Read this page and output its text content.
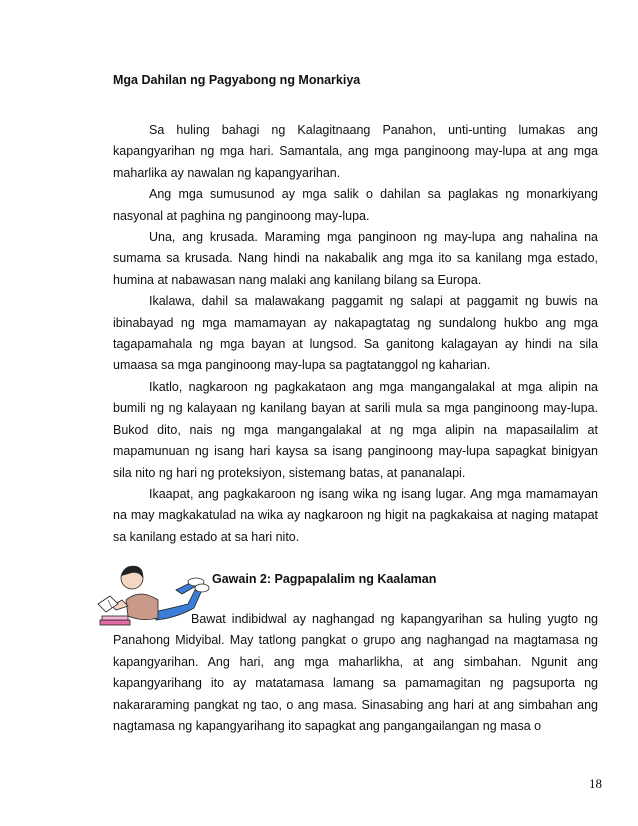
Mga Dahilan ng Pagyabong ng Monarkiya

Sa huling bahagi ng Kalagitnaang Panahon, unti-unting lumakas ang kapangyarihan ng mga hari. Samantala, ang mga panginoong may-lupa at ang mga maharlika ay nawalan ng kapangyarihan.

Ang mga sumusunod ay mga salik o dahilan sa paglakas ng monarkiyang nasyonal at paghina ng panginoong may-lupa.

Una, ang krusada. Maraming mga panginoon ng may-lupa ang nahalina na sumama sa krusada. Nang hindi na nakabalik ang mga ito sa kanilang mga estado, humina at nabawasan nang malaki ang kanilang bilang sa Europa.

Ikalawa, dahil sa malawakang paggamit ng salapi at paggamit ng buwis na ibinabayad ng mga mamamayan ay nakapagtatag ng sundalong hukbo ang mga tagapamahala ng mga bayan at lungsod. Sa ganitong kalagayan ay hindi na sila umaasa sa mga panginoong may-lupa sa pagtatanggol ng kaharian.

Ikatlo, nagkaroon ng pagkakataon ang mga mangangalakal at mga alipin na bumili ng ng kalayaan ng kanilang bayan at sarili mula sa mga panginoong may-lupa. Bukod dito, nais ng mga mangangalakal at ng mga alipin na mapasailalim at mapamunuan ng isang hari kaysa sa isang panginoong may-lupa sapagkat binigyan sila nito ng hari ng proteksiyon, sistemang batas, at pananalapi.

Ikaapat, ang pagkakaroon ng isang wika ng isang lugar. Ang mga mamamayan na may magkakatulad na wika ay nagkaroon ng higit na pagkakaisa at naging matapat sa kanilang estado at sa hari nito.

Gawain 2: Pagpapalalim ng Kaalaman

Bawat indibidwal ay naghangad ng kapangyarihan sa huling yugto ng Panahong Midyibal. May tatlong pangkat o grupo ang naghangad na magtamasa ng kapangyarihan. Ang hari, ang mga maharlikha, at ang simbahan. Ngunit ang kapangyarihang ito ay matatamasa lamang sa pamamagitan ng pagsuporta ng nakararaming pangkat ng tao, o ang masa. Sinasabing ang hari at ang simbahan ang nagtamasa ng kapangyarihang ito sapagkat ang pangangailangan ng masa o

18
